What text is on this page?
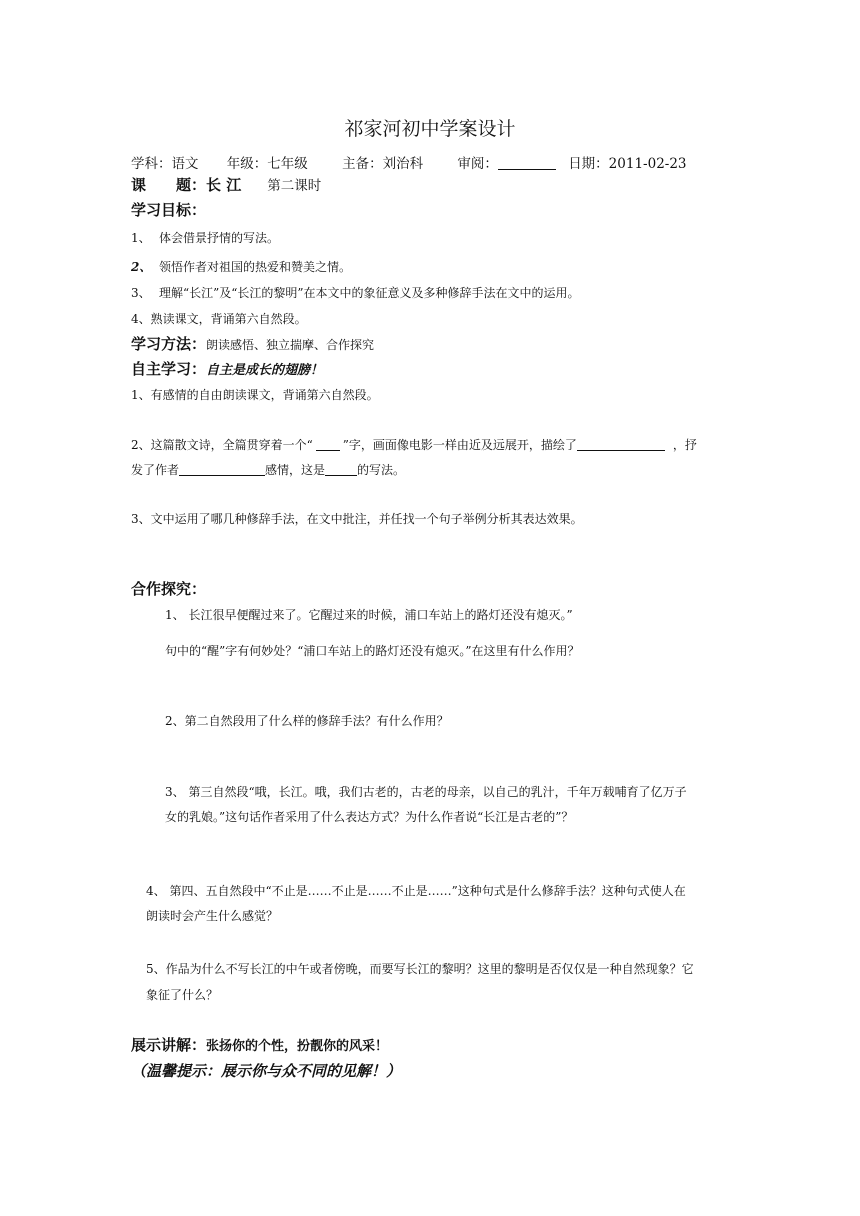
祁家河初中学案设计
学科：语文 年级：七年级	主备：刘治科	审阅：	日期：2011-02-23
课　　题：长 江 第二课时
学习目标：
1、 体会借景抒情的写法。
2、 领悟作者对祖国的热爱和赞美之情。
3、 理解“长江”及“长江的黎明”在本文中的象征意义及多种修辞手法在文中的运用。
4、熟读课文，背诵第六自然段。
学习方法：朗读感悟、独立揣摩、合作探究
自主学习：自主是成长的翅膀！
1、有感情的自由朗读课文，背诵第六自然段。
2、这篇散文诗，全篇贯穿着一个“	”字，画面像电影一样由近及远展开，描绘了	，抒
发了作者	感情，这是	的写法。
3、文中运用了哪几种修辞手法，在文中批注，并任找一个句子举例分析其表达效果。
合作探究：
1、 长江很早便醒过来了。它醒过来的时候，浦口车站上的路灯还没有熄灭。”
句中的“醒”字有何妙处？“浦口车站上的路灯还没有熄灭。”在这里有什么作用？
2、第二自然段用了什么样的修辞手法？有什么作用？
3、 第三自然段“哦，长江。哦，我们古老的，古老的母亲，以自己的乳汁，千年万载哺育了亿万子
女的乳娘。”这句话作者采用了什么表达方式？为什么作者说“长江是古老的”？
4、 第四、五自然段中“不止是……不止是……不止是……”这种句式是什么修辞手法？这种句式使人在
朗读时会产生什么感觉？
5、作品为什么不写长江的中午或者傍晚，而要写长江的黎明？这里的黎明是否仅仅是一种自然现象？它
象征了什么？
展示讲解：张扬你的个性，扮靓你的风采！
（温馨提示：展示你与众不同的见解！）
